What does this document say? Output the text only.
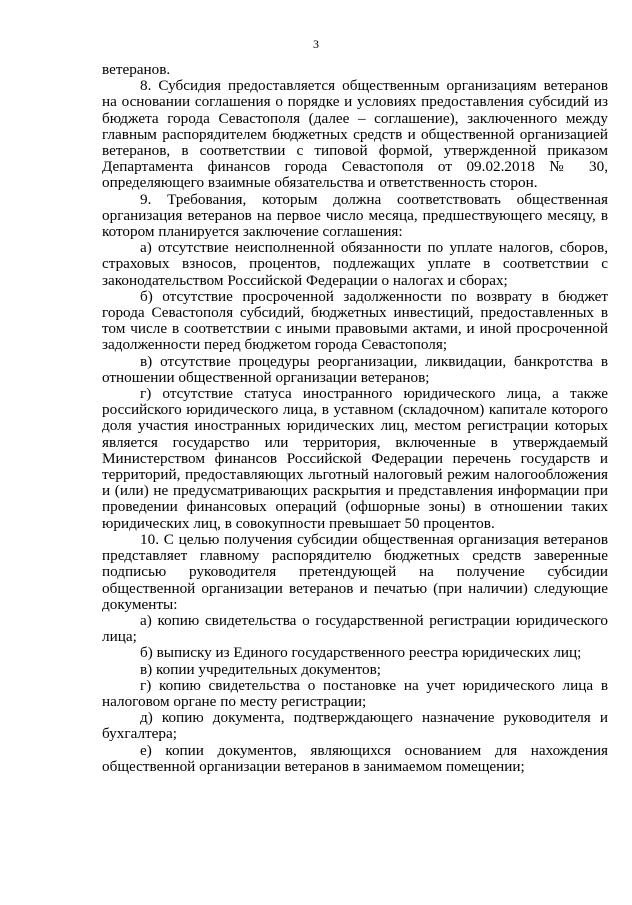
3

ветеранов.

8. Субсидия предоставляется общественным организациям ветеранов на основании соглашения о порядке и условиях предоставления субсидий из бюджета города Севастополя (далее – соглашение), заключенного между главным распорядителем бюджетных средств и общественной организацией ветеранов, в соответствии с типовой формой, утвержденной приказом Департамента финансов города Севастополя от 09.02.2018 № 30, определяющего взаимные обязательства и ответственность сторон.

9. Требования, которым должна соответствовать общественная организация ветеранов на первое число месяца, предшествующего месяцу, в котором планируется заключение соглашения:

а) отсутствие неисполненной обязанности по уплате налогов, сборов, страховых взносов, процентов, подлежащих уплате в соответствии с законодательством Российской Федерации о налогах и сборах;

б) отсутствие просроченной задолженности по возврату в бюджет города Севастополя субсидий, бюджетных инвестиций, предоставленных в том числе в соответствии с иными правовыми актами, и иной просроченной задолженности перед бюджетом города Севастополя;

в) отсутствие процедуры реорганизации, ликвидации, банкротства в отношении общественной организации ветеранов;

г) отсутствие статуса иностранного юридического лица, а также российского юридического лица, в уставном (складочном) капитале которого доля участия иностранных юридических лиц, местом регистрации которых является государство или территория, включенные в утверждаемый Министерством финансов Российской Федерации перечень государств и территорий, предоставляющих льготный налоговый режим налогообложения и (или) не предусматривающих раскрытия и представления информации при проведении финансовых операций (офшорные зоны) в отношении таких юридических лиц, в совокупности превышает 50 процентов.

10. С целью получения субсидии общественная организация ветеранов представляет главному распорядителю бюджетных средств заверенные подписью руководителя претендующей на получение субсидии общественной организации ветеранов и печатью (при наличии) следующие документы:

а) копию свидетельства о государственной регистрации юридического лица;

б) выписку из Единого государственного реестра юридических лиц;

в) копии учредительных документов;

г) копию свидетельства о постановке на учет юридического лица в налоговом органе по месту регистрации;

д) копию документа, подтверждающего назначение руководителя и бухгалтера;

е) копии документов, являющихся основанием для нахождения общественной организации ветеранов в занимаемом помещении;
